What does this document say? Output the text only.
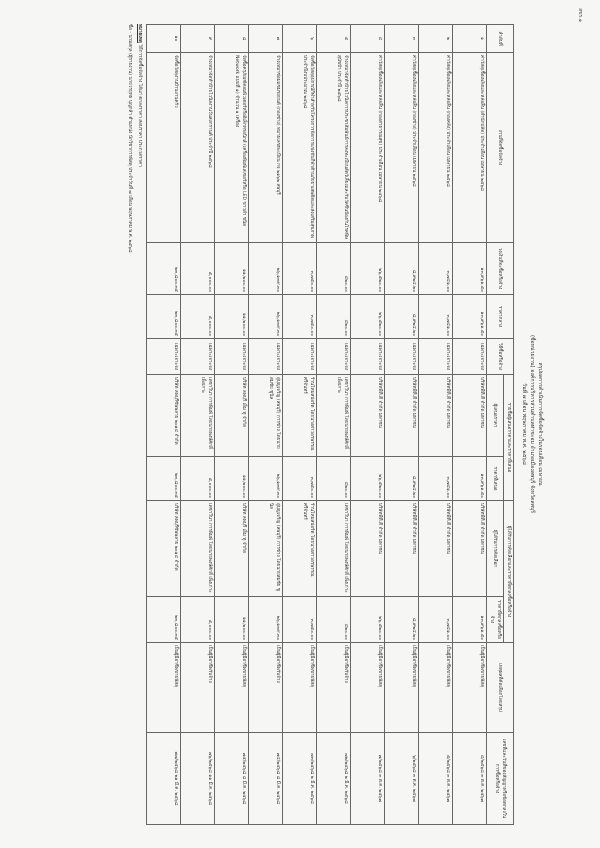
สขร.๑
สรุปผลการดำเนินการจัดซื้อจัดจ้างในรอบเดือน เมษายน
(ชื่อหน่วยงาน) องค์การบริหารส่วนตำบลท่าชะอม อำเภอเมืองลพบุรี จังหวัดลพบุรี
วันที่ ๗ เดือน พฤษภาคม พ.ศ. ๒๕๖๘
ลำดับที่	งานที่จัดซื้อจัดจ้าง	วงเงินที่จะซื้อหรือจ้าง	ราคากลาง	วิธีซื้อหรือจ้าง	รายชื่อผู้เสนอราคาและราคาที่เสนอ		ผู้ได้รับการคัดเลือกและราคาที่ตกลงซื้อหรือจ้าง		เหตุผลที่คัดเลือกโดยสรุป	เลขที่และวันที่ของสัญญาหรือข้อตกลงในการซื้อหรือจ้าง
					ผู้เสนอราคา	ราคาที่เสนอ	ผู้ได้รับการคัดเลือก	ราคาที่ตกลงซื้อหรือจ้าง		
๑	ค่าวัสดุเชื้อเพลิงและหล่อลื่น (สำนักปลัด) ประจำเดือน เมษายน ๒๕๖๘	๑๓,๙๖๑.๕๐	๑๓,๙๖๑.๕๐	เฉพาะเจาะจง	บริษัทพีที.ตี จำกัด มหาชน	๑๓,๙๖๑.๕๐	บริษัทพีที.ตี จำกัด มหาชน	๑๓,๙๖๑.๕๐	เป็นผู้มีอาชีพขายพัสดุ	๔/๒๕๖๘ ๓ ต.ค. ๒๕๖๗
๒	ค่าวัสดุเชื้อเพลิงและหล่อลื่น (กองคลัง) ประจำเดือน เมษายน ๒๕๖๘	๓,๗๔๑.๐๐	๓,๗๔๑.๐๐	เฉพาะเจาะจง	บริษัทพีที.ตี จำกัด มหาชน	๓,๗๔๑.๐๐	บริษัทพีที.ตี จำกัด มหาชน	๓,๗๔๑.๐๐	เป็นผู้มีอาชีพขายพัสดุ	๕/๒๕๖๘ ๓ ต.ค. ๒๕๖๗
๓	ค่าวัสดุเชื้อเพลิงและหล่อลื่น (กองช่าง) ประจำเดือน เมษายน ๒๕๖๘	๘,๙๒๔.๒๐	๘,๙๒๔.๒๐	เฉพาะเจาะจง	บริษัทพีที.ตี จำกัด มหาชน	๘,๙๒๔.๒๐	บริษัทพีที.ตี จำกัด มหาชน	๘,๙๒๔.๒๐	เป็นผู้มีอาชีพขายพัสดุ	๖/๒๕๖๘ ๓ ต.ค. ๒๕๖๗
๔	ค่าวัสดุเชื้อเพลิงและหล่อลื่น (กองสาธารณสุข) ประจำเดือน เมษายน ๒๕๖๘	๒๖,๕๒๐.๐๐	๒๖,๕๒๐.๐๐	เฉพาะเจาะจง	บริษัทพีที.ตี จำกัด มหาชน	๒๖,๕๒๐.๐๐	บริษัทพีที.ตี จำกัด มหาชน	๒๖,๕๒๐.๐๐	เป็นผู้มีอาชีพขายพัสดุ	๗/๒๕๖๘ ๓ ต.ค. ๒๕๖๗
๕	จ้างเหมาจัดทำป้ายไวนิลการประชาสัมพันธ์การลงทะเบียนสัตว์เลี้ยงและรับวัคซีนป้องกันโรคพิษสุนัขบ้า ประจำปี ๒๕๖๘	๔๒๐.๐๐	๔๒๐.๐๐	เฉพาะเจาะจง	เดชาวีนา การพิมพ์ โดยนายพงษ์ศักดิ์ เพ็งเกาะ	๔๒๐.๐๐	เดชาวีนา การพิมพ์ โดยนายพงษ์ศักดิ์ เพ็งเกาะ	๔๒๐.๐๐	เป็นผู้มีอาชีพรับจ้าง	๗๒/๒๕๖๘ ๒ มี.ค. ๒๕๖๘
๖	จัดซื้อวัสดุอุปกรณ์กีฬาสำหรับโครงการจัดการแข่งขันกีฬาต้านภัยยาเสพติดและส่งเสริมสุขภาพ ประจำปีงบประมาณ ๒๕๖๘	๓,๗๕๐.๐๐	๓,๗๕๐.๐๐	เฉพาะเจาะจง	ร้านไหมสปอร์ต โดยนางสาวอรพรรณ ศรีจันทร์	๓,๗๕๐.๐๐	ร้านไหมสปอร์ต โดยนางสาวอรพรรณ ศรีจันทร์	๓,๗๕๐.๐๐	เป็นผู้มีอาชีพขายพัสดุ	๗๓/๒๕๖๘ ๒ มี.ค. ๒๕๖๘
๗	จ้างเหมาซ่อมแซมรถยนต์ (กองช่าง) หมายเลขทะเบียน กจ ๒๑๖๒ ลพบุรี	๒๖,๑๓๙.๓๐	๒๖,๑๓๙.๓๐	เฉพาะเจาะจง	อู่บุญเจริญ (ลพบุรี) การช่าง โดยนายสมชัย ชูนิล	๒๖,๑๓๙.๓๐	อู่บุญเจริญ (ลพบุรี) การช่าง โดยนายสมชัย ชูนิล	๒๖,๑๓๙.๓๐	เป็นผู้มีอาชีพรับจ้าง	๗๔/๒๕๖๘ ๘ มี.ค. ๒๕๖๘
๘	จัดซื้อครุภัณฑ์คอมพิวเตอร์หรืออิเล็กทรอนิกส์ (เครื่องพิมพ์เลเซอร์หรือ LED ขาวดำ ชนิด Network แบบที่ ๑) จำนวน ๑ เครื่อง	๑๑,๒๐๐.๐๐	๑๑,๒๐๐.๐๐	เฉพาะเจาะจง	บริษัท ลพบุรี เอ็ม ทู จำกัด	๑๑,๒๐๐.๐๐	บริษัท ลพบุรี เอ็ม ทู จำกัด	๑๑,๒๐๐.๐๐	เป็นผู้มีอาชีพขายพัสดุ	๗๕/๒๕๖๘ ๘ มี.ค. ๒๕๖๘
๙	จ้างเหมาจัดทำป้ายไวนิลงานวันสงกรานต์ ประจำปี ๒๕๖๘	๕,๐๐๐.๐๐	๕,๐๐๐.๐๐	เฉพาะเจาะจง	เดชาวีนา การพิมพ์ โดยนายพงษ์ศักดิ์ เพ็งเกาะ	๕,๐๐๐.๐๐	เดชาวีนา การพิมพ์ โดยนายพงษ์ศักดิ์ เพ็งเกาะ	๕,๐๐๐.๐๐	เป็นผู้มีอาชีพรับจ้าง	๗๖/๒๕๖๘ ๑๑ มี.ค. ๒๕๖๘
๑๐	จัดซื้อวัสดุงานบ้านงานครัว	๒๓,๘๐๐.๓๕	๒๓,๘๐๐.๓๕	เฉพาะเจาะจง	บริษัท ลพบุรีซัพพลาย ๒๐๑๔ จำกัด	๒๓,๘๐๐.๓๕	บริษัท ลพบุรีซัพพลาย ๒๐๑๔ จำกัด	๒๓,๘๐๐.๓๕	เป็นผู้มีอาชีพขายพัสดุ	๗๗/๒๕๖๘ ๒๑ มี.ค. ๒๕๖๘
หมายเหตุ วิธีการจัดซื้อจัดจ้าง ได้แก่ ตกลงราคา สอบราคา ประกวดราคา
ชื่อ - นามสกุล (ผู้รายงาน) นายวรยุทธ บุญกล้า ตำแหน่ง นักวิชาการพัสดุ ประจำวันที่ ๗ เดือน พฤษภาคม พ.ศ. ๒๕๖๘
